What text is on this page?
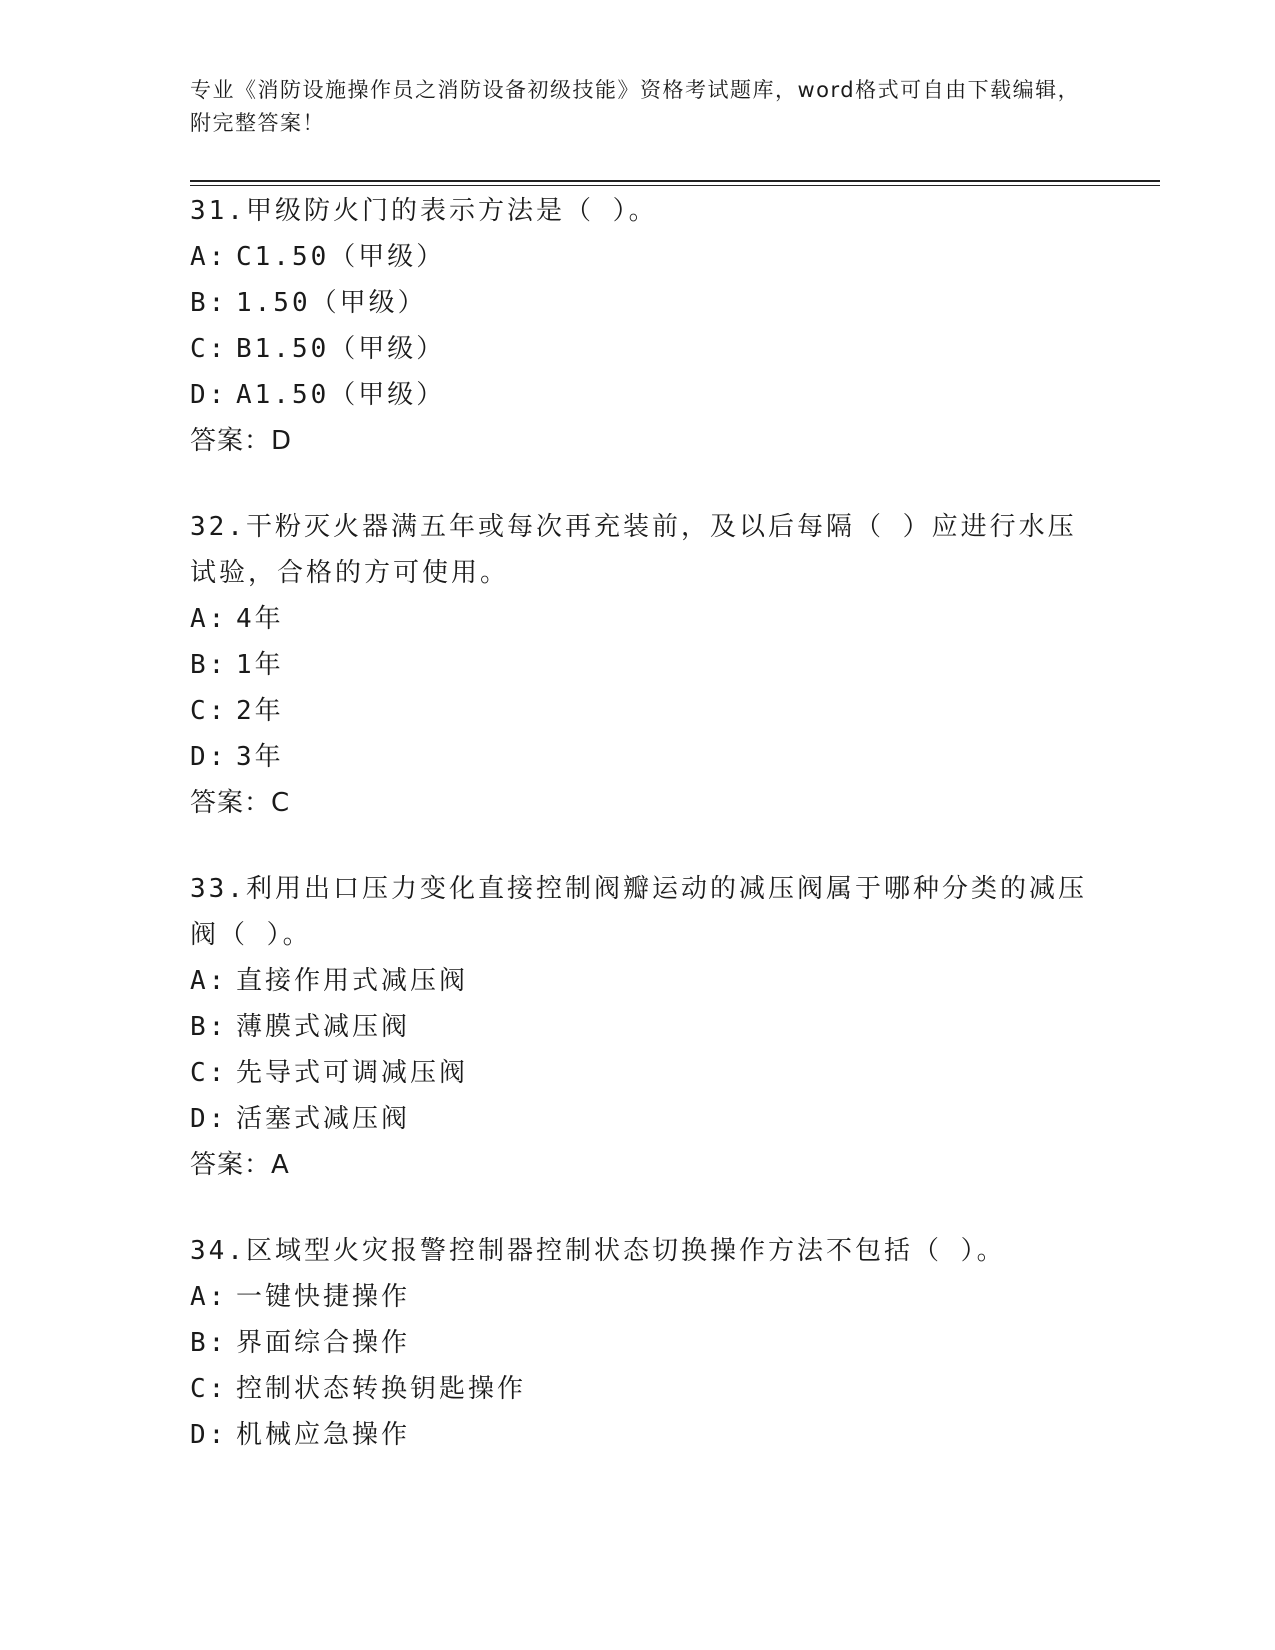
专业《消防设施操作员之消防设备初级技能》资格考试题库，word格式可自由下载编辑，附完整答案！

31.甲级防火门的表示方法是（ ）。

A: C1.50（甲级）

B: 1.50（甲级）

C: B1.50（甲级）

D: A1.50（甲级）

答案：D

32.干粉灭火器满五年或每次再充装前，及以后每隔（ ）应进行水压试验，合格的方可使用。

A: 4年

B: 1年

C: 2年

D: 3年

答案：C

33.利用出口压力变化直接控制阀瓣运动的减压阀属于哪种分类的减压阀（ ）。

A: 直接作用式减压阀

B: 薄膜式减压阀

C: 先导式可调减压阀

D: 活塞式减压阀

答案：A

34.区域型火灾报警控制器控制状态切换操作方法不包括（ ）。

A: 一键快捷操作

B: 界面综合操作

C: 控制状态转换钥匙操作

D: 机械应急操作
